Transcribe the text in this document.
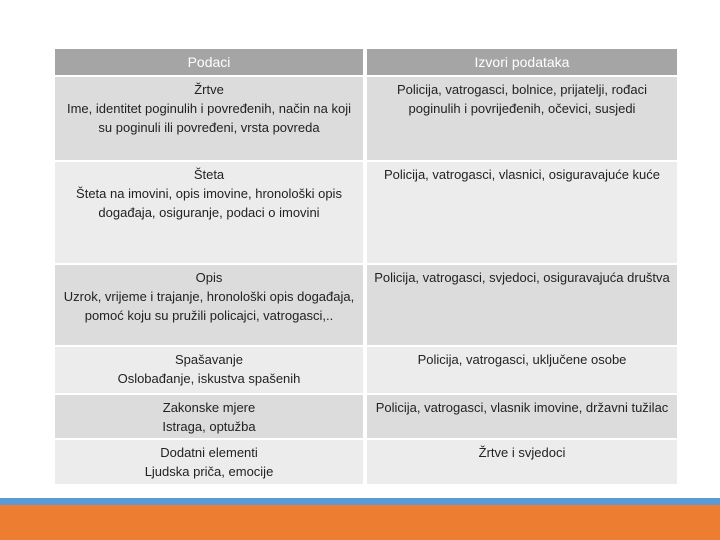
Podaci	Izvori podataka
Žrtve
Ime, identitet poginulih i povređenih, način na koji su poginuli ili povređeni, vrsta povreda
Policija, vatrogasci, bolnice, prijatelji, rođaci poginulih i povrijeđenih, očevici, susjedi
Šteta
Šteta na imovini, opis imovine, hronološki opis događaja, osiguranje, podaci o imovini
Policija, vatrogasci, vlasnici, osiguravajuće kuće
Opis
Uzrok, vrijeme i trajanje, hronološki opis događaja, pomoć koju su pružili policajci, vatrogasci,..
Policija, vatrogasci, svjedoci, osiguravajuća društva
Spašavanje
Oslobađanje, iskustva spašenih
Policija, vatrogasci, uključene osobe
Zakonske mjere
Istraga, optužba
Policija, vatrogasci, vlasnik imovine, državni tužilac
Dodatni elementi
Ljudska priča, emocije
Žrtve i svjedoci
